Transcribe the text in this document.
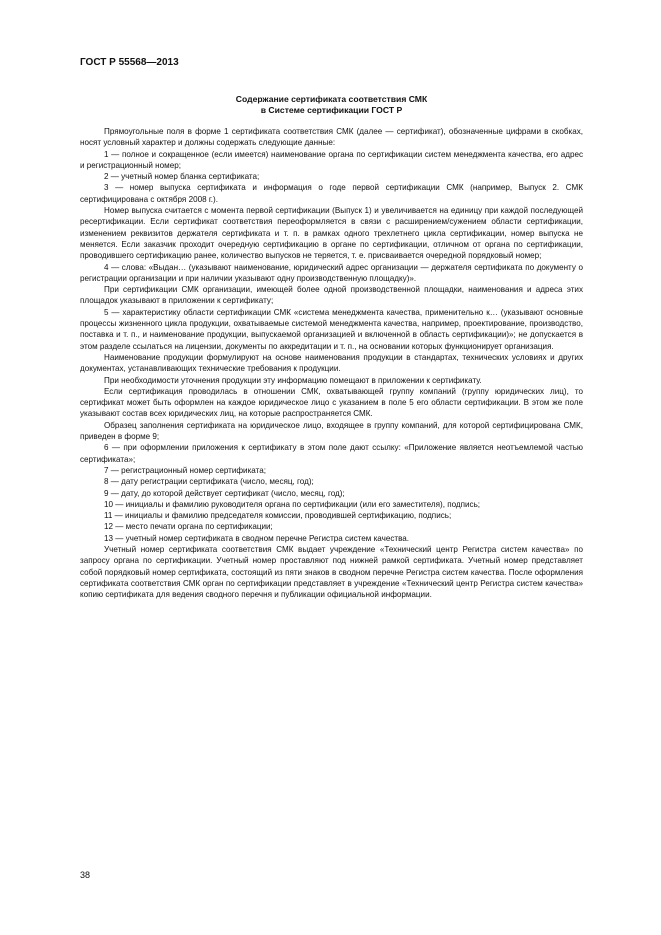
ГОСТ Р 55568—2013
Содержание сертификата соответствия СМК
в Системе сертификации ГОСТ Р

Прямоугольные поля в форме 1 сертификата соответствия СМК (далее — сертификат), обозначенные цифрами в скобках, носят условный характер и должны содержать следующие данные:

1 — полное и сокращенное (если имеется) наименование органа по сертификации систем менеджмента качества, его адрес и регистрационный номер;

2 — учетный номер бланка сертификата;

3 — номер выпуска сертификата и информация о годе первой сертификации СМК (например, Выпуск 2. СМК сертифицирована с октября 2008 г.).

Номер выпуска считается с момента первой сертификации (Выпуск 1) и увеличивается на единицу при каждой последующей ресертификации. Если сертификат соответствия переоформляется в связи с расширением/сужением области сертификации, изменением реквизитов держателя сертификата и т. п. в рамках одного трехлетнего цикла сертификации, номер выпуска не меняется. Если заказчик проходит очередную сертификацию в органе по сертификации, отличном от органа по сертификации, проводившего сертификацию ранее, количество выпусков не теряется, т. е. присваивается очередной порядковый номер;

4 — слова: «Выдан… (указывают наименование, юридический адрес организации — держателя сертификата по документу о регистрации организации и при наличии указывают одну производственную площадку)».

При сертификации СМК организации, имеющей более одной производственной площадки, наименования и адреса этих площадок указывают в приложении к сертификату;

5 — характеристику области сертификации СМК «система менеджмента качества, применительно к… (указывают основные процессы жизненного цикла продукции, охватываемые системой менеджмента качества, например, проектирование, производство, поставка и т. п., и наименование продукции, выпускаемой организацией и включенной в область сертификации)»; не допускается в этом разделе ссылаться на лицензии, документы по аккредитации и т. п., на основании которых функционирует организация.

Наименование продукции формулируют на основе наименования продукции в стандартах, технических условиях и других документах, устанавливающих технические требования к продукции.

При необходимости уточнения продукции эту информацию помещают в приложении к сертификату.

Если сертификация проводилась в отношении СМК, охватывающей группу компаний (группу юридических лиц), то сертификат может быть оформлен на каждое юридическое лицо с указанием в поле 5 его области сертификации. В этом же поле указывают состав всех юридических лиц, на которые распространяется СМК.

Образец заполнения сертификата на юридическое лицо, входящее в группу компаний, для которой сертифицирована СМК, приведен в форме 9;

6 — при оформлении приложения к сертификату в этом поле дают ссылку: «Приложение является неотъемлемой частью сертификата»;

7 — регистрационный номер сертификата;

8 — дату регистрации сертификата (число, месяц, год);

9 — дату, до которой действует сертификат (число, месяц, год);

10 — инициалы и фамилию руководителя органа по сертификации (или его заместителя), подпись;

11 — инициалы и фамилию председателя комиссии, проводившей сертификацию, подпись;

12 — место печати органа по сертификации;

13 — учетный номер сертификата в сводном перечне Регистра систем качества.

Учетный номер сертификата соответствия СМК выдает учреждение «Технический центр Регистра систем качества» по запросу органа по сертификации. Учетный номер проставляют под нижней рамкой сертификата. Учетный номер представляет собой порядковый номер сертификата, состоящий из пяти знаков в сводном перечне Регистра систем качества. После оформления сертификата соответствия СМК орган по сертификации представляет в учреждение «Технический центр Регистра систем качества» копию сертификата для ведения сводного перечня и публикации официальной информации.

38
